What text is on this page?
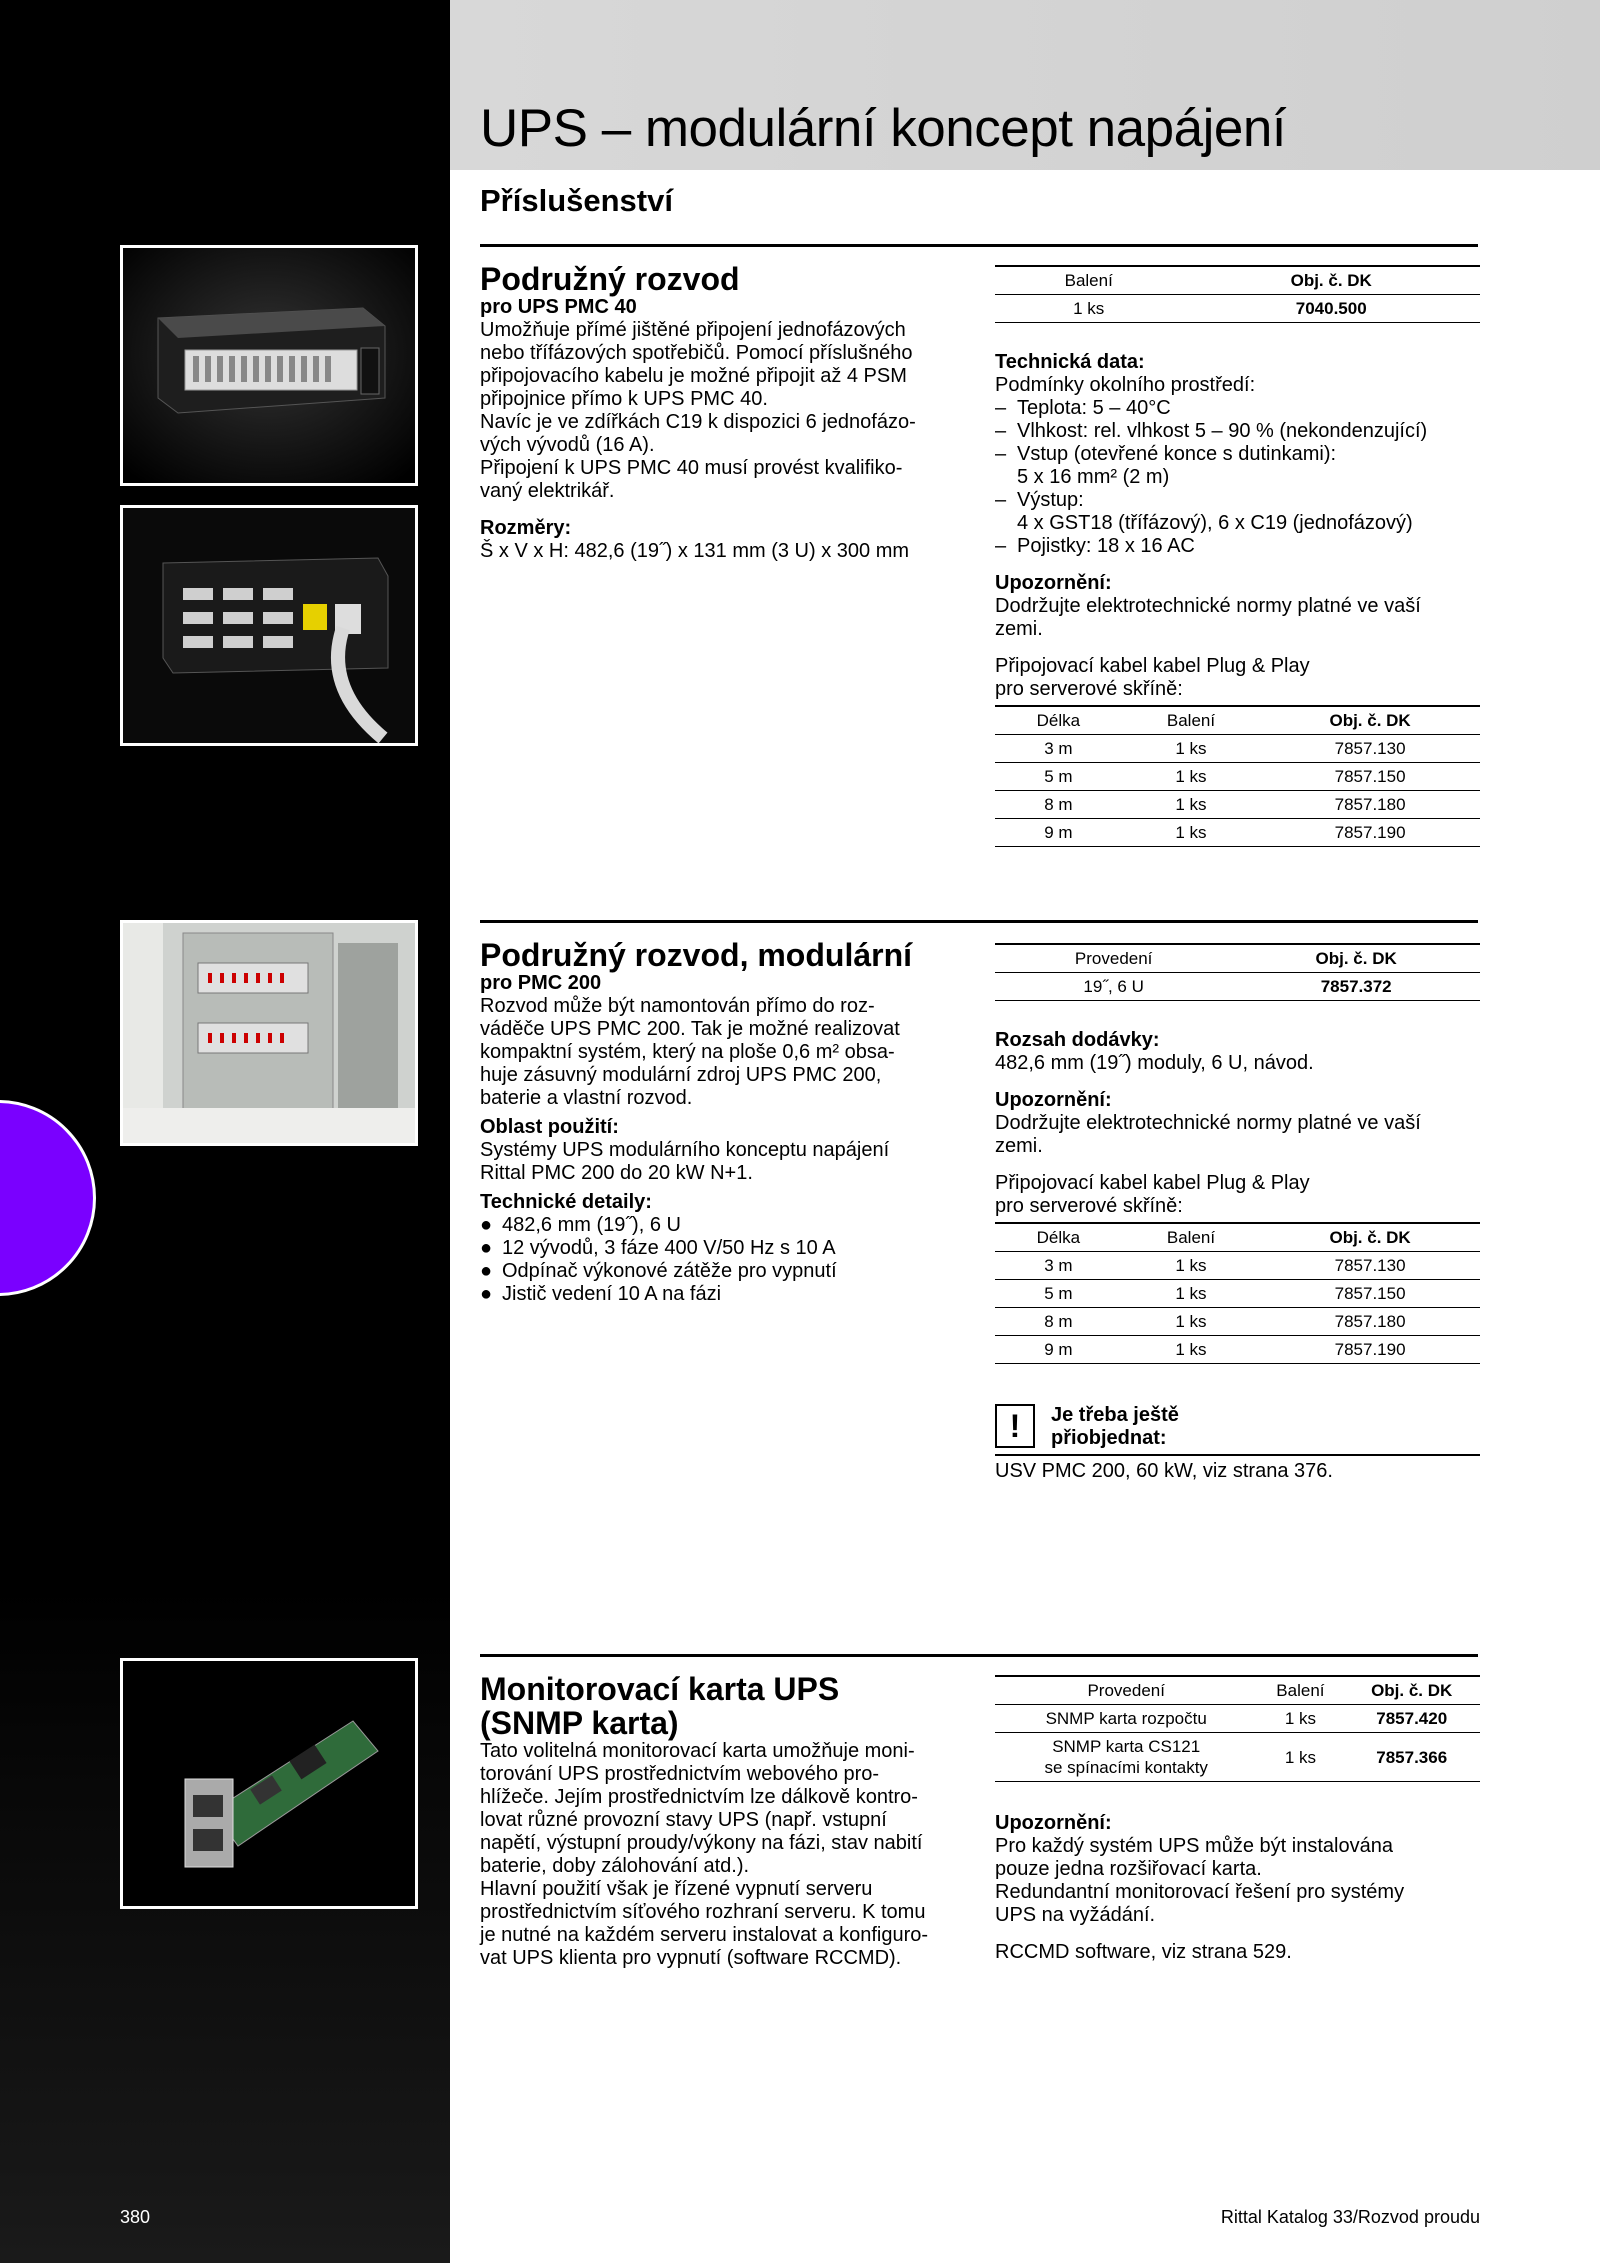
UPS – modulární koncept napájení

Příslušenství

Podružný rozvod

pro UPS PMC 40

Umožňuje přímé jištěné připojení jednofázových

nebo třífázových spotřebičů. Pomocí příslušného

připojovacího kabelu je možné připojit až 4 PSM

připojnice přímo k UPS PMC 40.

Navíc je ve zdířkách C19 k dispozici 6 jednofázo-

vých vývodů (16 A).

Připojení k UPS PMC 40 musí provést kvalifiko-

vaný elektrikář.

Rozměry:

Š x V x H: 482,6 (19˝) x 131 mm (3 U) x 300 mm

Balení	Obj. č. DK
1 ks	7040.500

Technická data:

Podmínky okolního prostředí:

– Teplota: 5 – 40°C
– Vlhkost: rel. vlhkost 5 – 90 % (nekondenzující)
– Vstup (otevřené konce s dutinkami):
5 x 16 mm² (2 m)
– Výstup:
4 x GST18 (třífázový), 6 x C19 (jednofázový)
– Pojistky: 18 x 16 AC

Upozornění:

Dodržujte elektrotechnické normy platné ve vaší

zemi.

Připojovací kabel kabel Plug & Play

pro serverové skříně:

Délka	Balení	Obj. č. DK
3 m	1 ks	7857.130
5 m	1 ks	7857.150
8 m	1 ks	7857.180
9 m	1 ks	7857.190

Podružný rozvod, modulární

pro PMC 200

Rozvod může být namontován přímo do roz-

váděče UPS PMC 200. Tak je možné realizovat

kompaktní systém, který na ploše 0,6 m² obsa-

huje zásuvný modulární zdroj UPS PMC 200,

baterie a vlastní rozvod.

Oblast použití:

Systémy UPS modulárního konceptu napájení

Rittal PMC 200 do 20 kW N+1.

Technické detaily:

● 482,6 mm (19˝), 6 U
● 12 vývodů, 3 fáze 400 V/50 Hz s 10 A
● Odpínač výkonové zátěže pro vypnutí
● Jistič vedení 10 A na fázi
Provedení	Obj. č. DK
19˝, 6 U	7857.372

Rozsah dodávky:

482,6 mm (19˝) moduly, 6 U, návod.

Upozornění:

Dodržujte elektrotechnické normy platné ve vaší

zemi.

Připojovací kabel kabel Plug & Play

pro serverové skříně:

Délka	Balení	Obj. č. DK
3 m	1 ks	7857.130
5 m	1 ks	7857.150
8 m	1 ks	7857.180
9 m	1 ks	7857.190
!	Je třeba ještě

přiobjednat:

USV PMC 200, 60 kW, viz strana 376.

Monitorovací karta UPS

(SNMP karta)

Tato volitelná monitorovací karta umožňuje moni-

torování UPS prostřednictvím webového pro-

hlížeče. Jejím prostřednictvím lze dálkově kontro-

lovat různé provozní stavy UPS (např. vstupní

napětí, výstupní proudy/výkony na fázi, stav nabití

baterie, doby zálohování atd.).

Hlavní použití však je řízené vypnutí serveru

prostřednictvím síťového rozhraní serveru. K tomu

je nutné na každém serveru instalovat a konfiguro-

vat UPS klienta pro vypnutí (software RCCMD).

Provedení	Balení	Obj. č. DK
SNMP karta rozpočtu	1 ks	7857.420
SNMP karta CS121
se spínacími kontakty	1 ks	7857.366

Upozornění:

Pro každý systém UPS může být instalována

pouze jedna rozšiřovací karta.

Redundantní monitorovací řešení pro systémy

UPS na vyžádání.

RCCMD software, viz strana 529.

380	Rittal Katalog 33/Rozvod proudu
